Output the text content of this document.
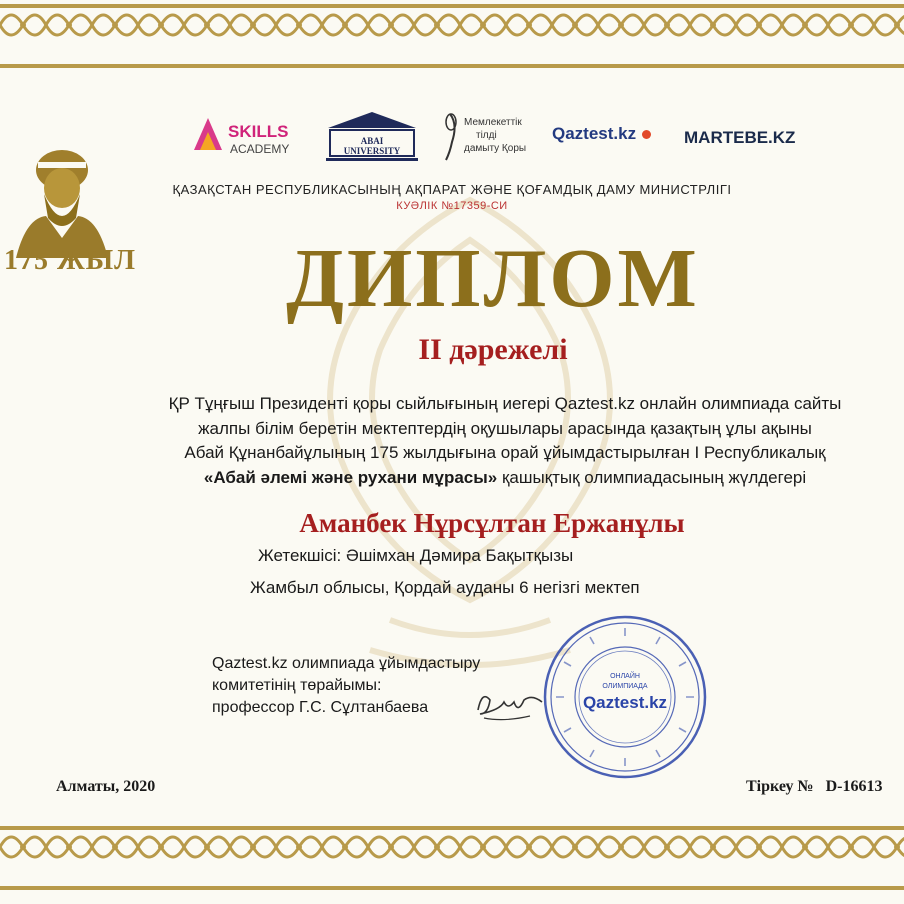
175 ЖЫЛ
SKILLS
ACADEMY
ABAI UNIVERSITY
Мемлекеттік
тілді
дамыту Қоры
Qaztest.kz	MARTEBE.KZ
ҚАЗАҚСТАН РЕСПУБЛИКАСЫНЫҢ АҚПАРАТ ЖӘНЕ ҚОҒАМДЫҚ ДАМУ МИНИСТРЛІГІ
КУӘЛІК №17359-СИ
ДИПЛОМ
II дәрежелі
ҚР Тұңғыш Президенті қоры сыйлығының иегері Qaztest.kz онлайн олимпиада сайты
жалпы білім беретін мектептердің оқушылары арасында қазақтың ұлы ақыны
Абай Құнанбайұлының 175 жылдығына орай ұйымдастырылған І Республикалық
«Абай әлемі және рухани мұрасы» қашықтық олимпиадасының жүлдегері
Аманбек Нұрсұлтан Ержанұлы
Жетекшісі: Әшімхан Дәмира Бақытқызы
Жамбыл облысы, Қордай ауданы 6 негізгі мектеп
Qaztest.kz олимпиада ұйымдастыру
комитетінің төрайымы:
профессор Г.С. Сұлтанбаева
ОНЛАЙН
ОЛИМПИАДА
Qaztest.kz
Алматы, 2020	Тіркеу № D-16613
